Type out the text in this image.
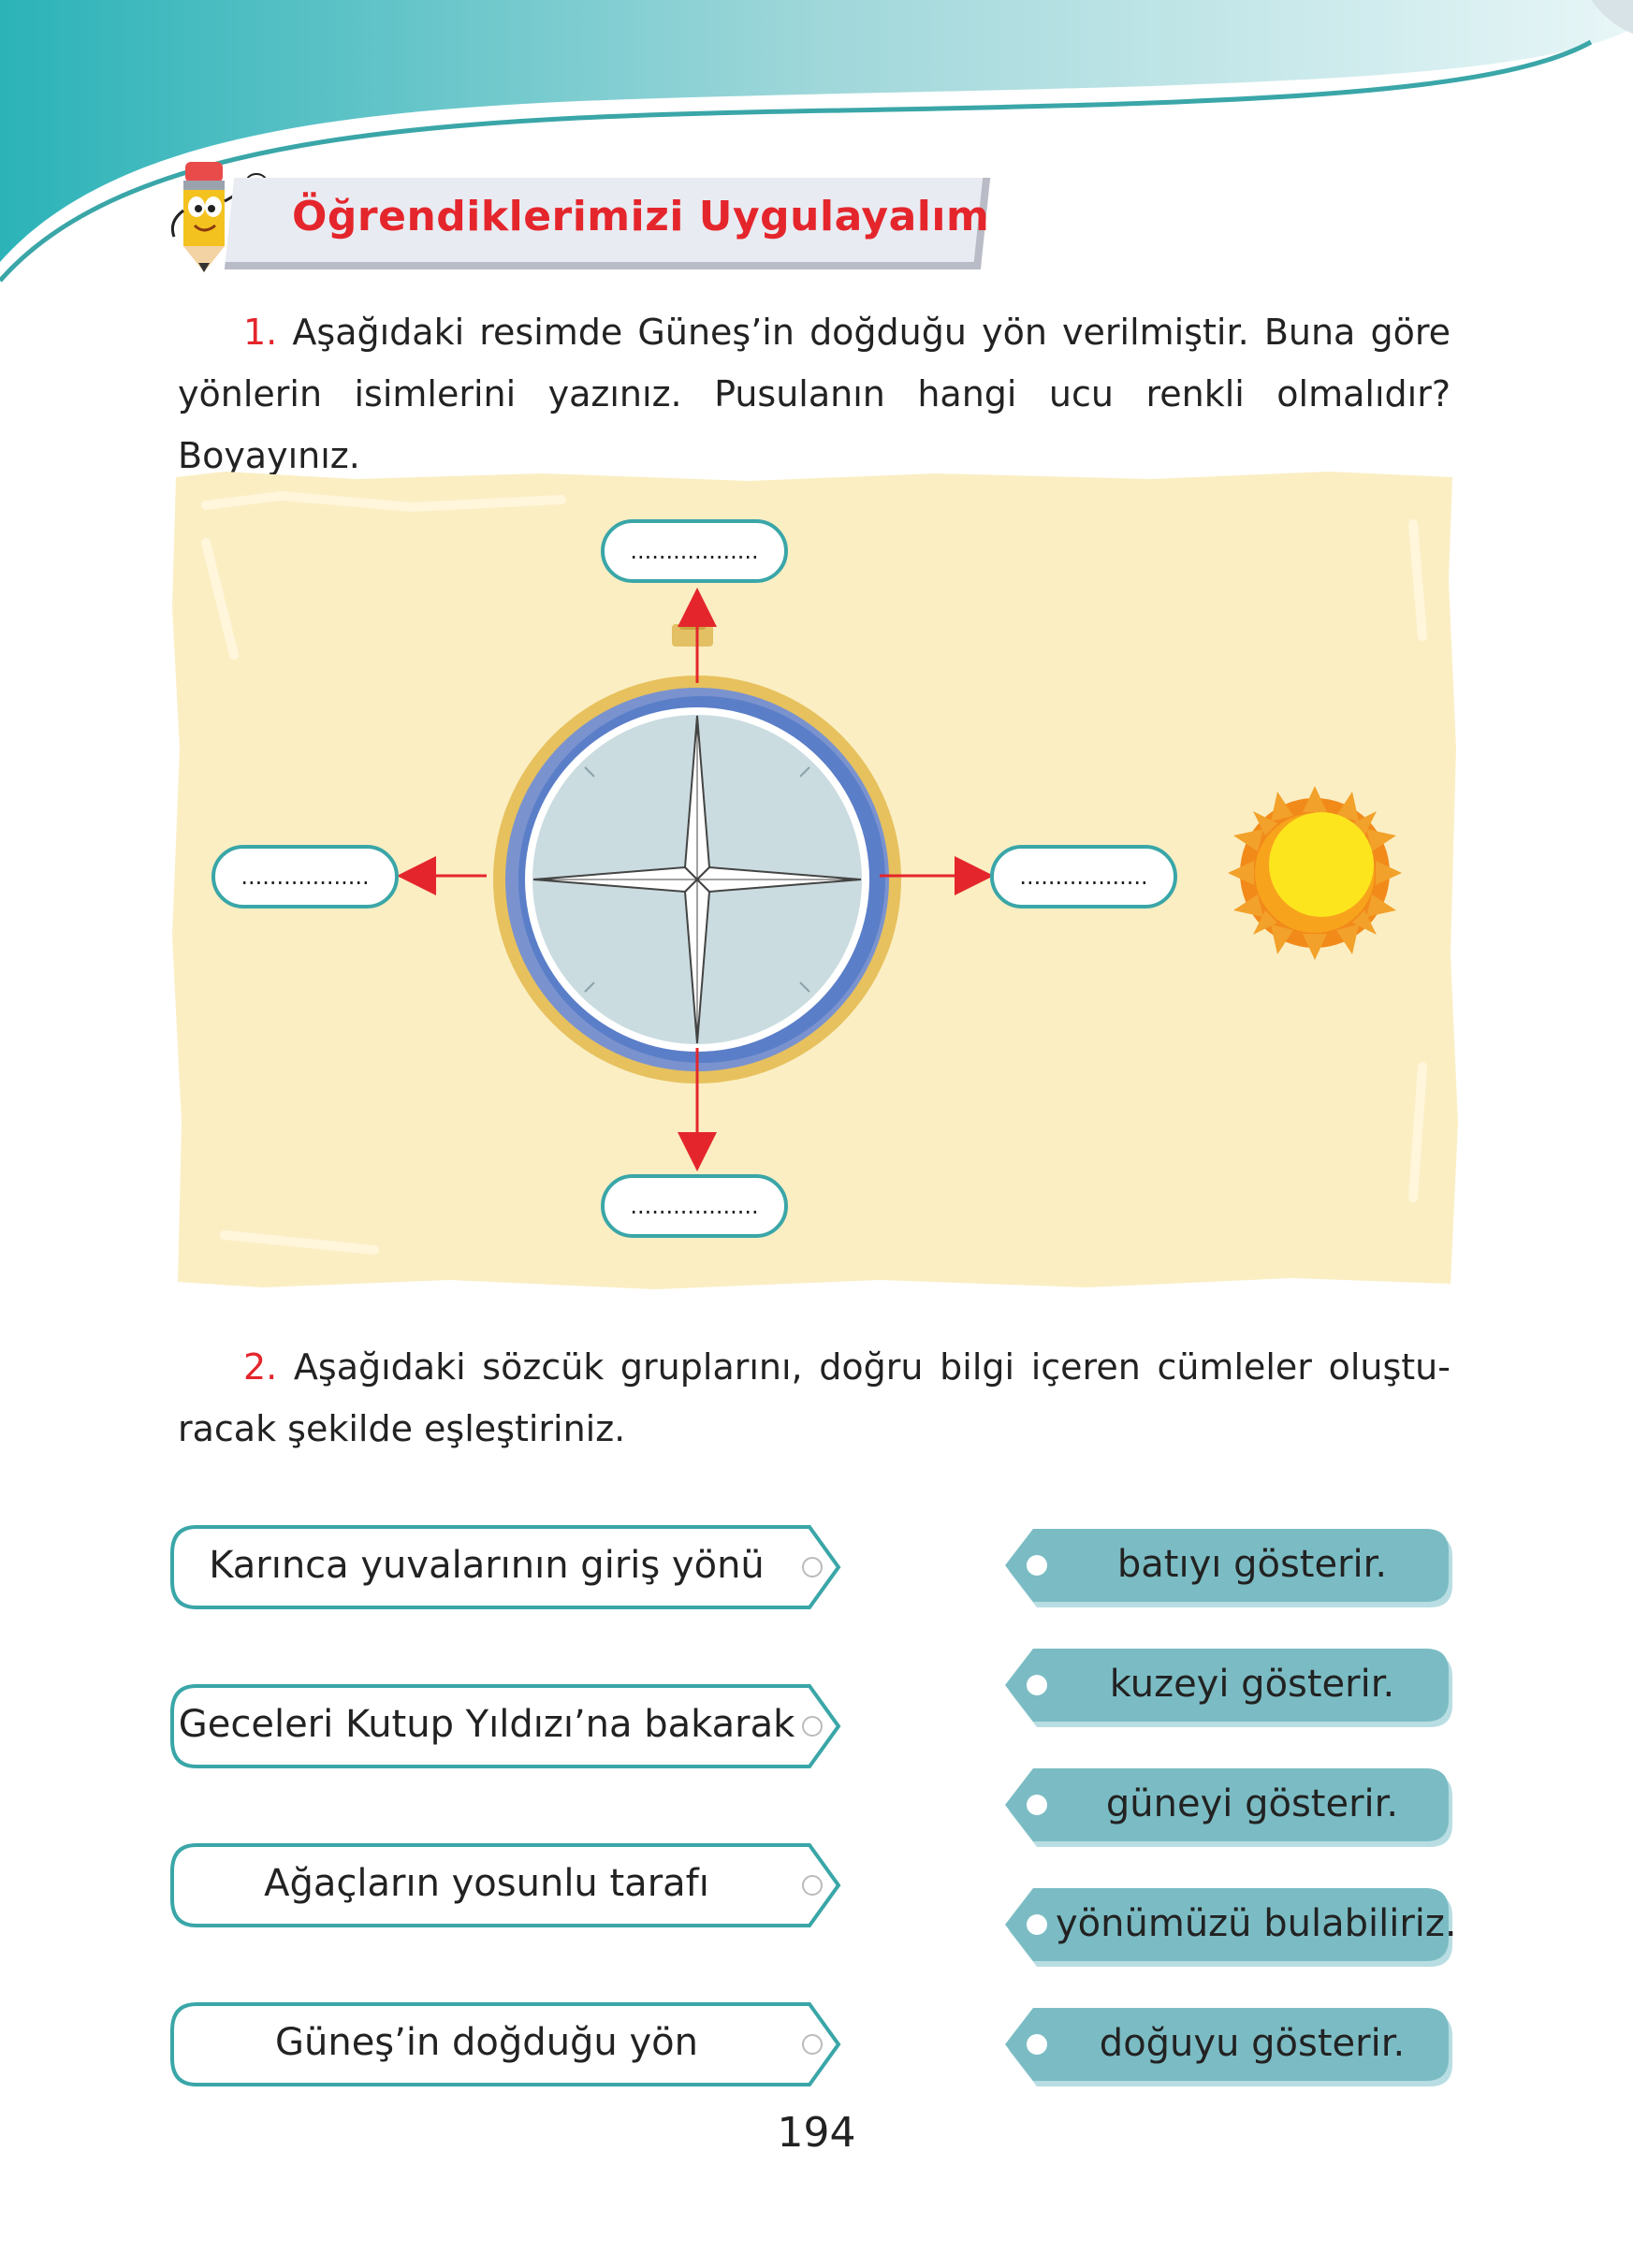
Öğrendiklerimizi Uygulayalım
1. Aşağıdaki resimde Güneş’in doğduğu yön verilmiştir. Buna göre yönlerin isimlerini yazınız. Pusulanın hangi ucu renkli olmalıdır? Boyayınız.
..................
..................	..................
..................
2. Aşağıdaki sözcük gruplarını, doğru bilgi içeren cümleler oluştu-racak şekilde eşleştiriniz.
Karınca yuvalarının giriş yönü
Geceleri Kutup Yıldızı’na bakarak
Ağaçların yosunlu tarafı
Güneş’in doğduğu yön
batıyı gösterir.
kuzeyi gösterir.
güneyi gösterir.
yönümüzü bulabiliriz.
doğuyu gösterir.
194
